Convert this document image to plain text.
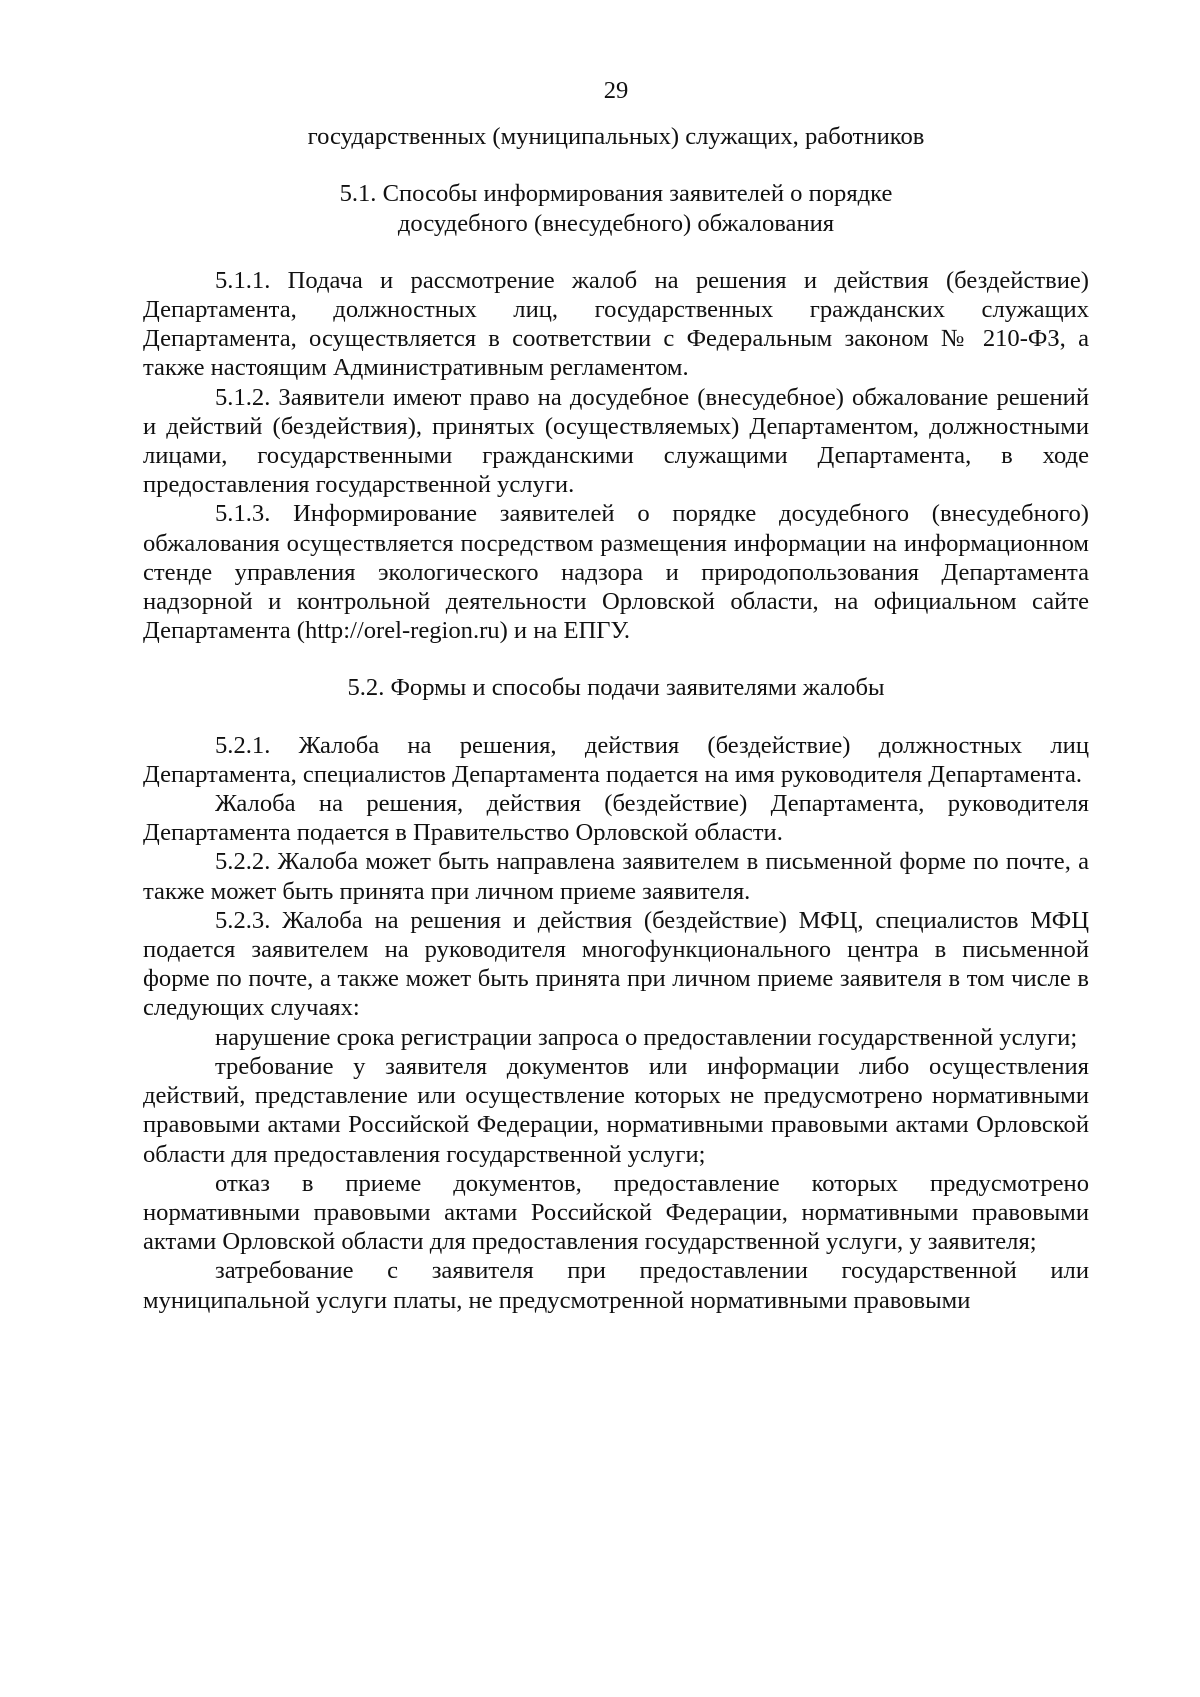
29

государственных (муниципальных) служащих, работников

5.1. Способы информирования заявителей о порядке

досудебного (внесудебного) обжалования

5.1.1. Подача и рассмотрение жалоб на решения и действия (бездействие) Департамента, должностных лиц, государственных гражданских служащих Департамента, осуществляется в соответствии с Федеральным законом № 210-ФЗ, а также настоящим Административным регламентом.

5.1.2. Заявители имеют право на досудебное (внесудебное) обжалование решений и действий (бездействия), принятых (осуществляемых) Департаментом, должностными лицами, государственными гражданскими служащими Департамента, в ходе предоставления государственной услуги.

5.1.3. Информирование заявителей о порядке досудебного (внесудебного) обжалования осуществляется посредством размещения информации на информационном стенде управления экологического надзора и природопользования Департамента надзорной и контрольной деятельности Орловской области, на официальном сайте Департамента (http://orel-region.ru) и на ЕПГУ.

5.2. Формы и способы подачи заявителями жалобы

5.2.1. Жалоба на решения, действия (бездействие) должностных лиц Департамента, специалистов Департамента подается на имя руководителя Департамента.

Жалоба на решения, действия (бездействие) Департамента, руководителя Департамента подается в Правительство Орловской области.

5.2.2. Жалоба может быть направлена заявителем в письменной форме по почте, а также может быть принята при личном приеме заявителя.

5.2.3. Жалоба на решения и действия (бездействие) МФЦ, специалистов МФЦ подается заявителем на руководителя многофункционального центра в письменной форме по почте, а также может быть принята при личном приеме заявителя в том числе в следующих случаях:

нарушение срока регистрации запроса о предоставлении государственной услуги;

требование у заявителя документов или информации либо осуществления действий, представление или осуществление которых не предусмотрено нормативными правовыми актами Российской Федерации, нормативными правовыми актами Орловской области для предоставления государственной услуги;

отказ в приеме документов, предоставление которых предусмотрено нормативными правовыми актами Российской Федерации, нормативными правовыми актами Орловской области для предоставления государственной услуги, у заявителя;

затребование с заявителя при предоставлении государственной или муниципальной услуги платы, не предусмотренной нормативными правовыми
